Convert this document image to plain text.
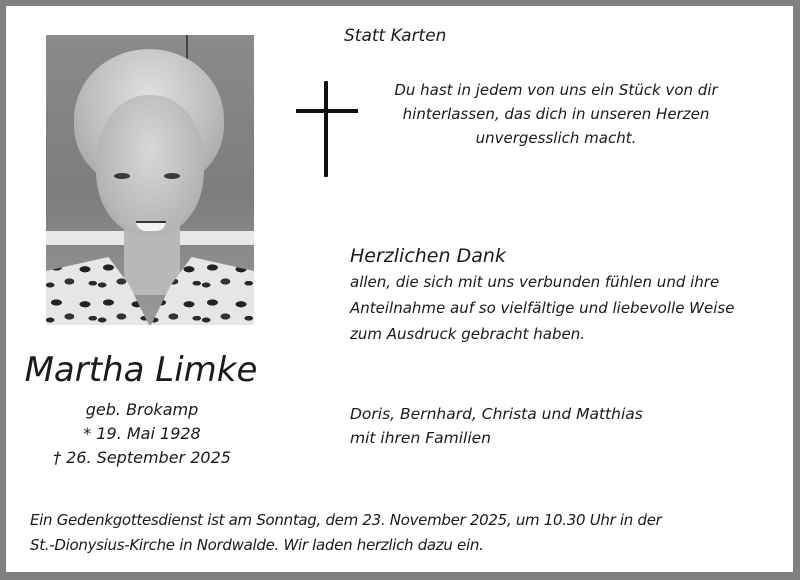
Martha Limke
geb. Brokamp
* 19. Mai 1928
† 26. September 2025
Statt Karten
Du hast in jedem von uns ein Stück von dir
hinterlassen, das dich in unseren Herzen
unvergesslich macht.
Herzlichen Dank
allen, die sich mit uns verbunden fühlen und ihre
Anteilnahme auf so vielfältige und liebevolle Weise
zum Ausdruck gebracht haben.
Doris, Bernhard, Christa und Matthias
mit ihren Familien
Ein Gedenkgottesdienst ist am Sonntag, dem 23. November 2025, um 10.30 Uhr in der
St.-Dionysius-Kirche in Nordwalde. Wir laden herzlich dazu ein.
